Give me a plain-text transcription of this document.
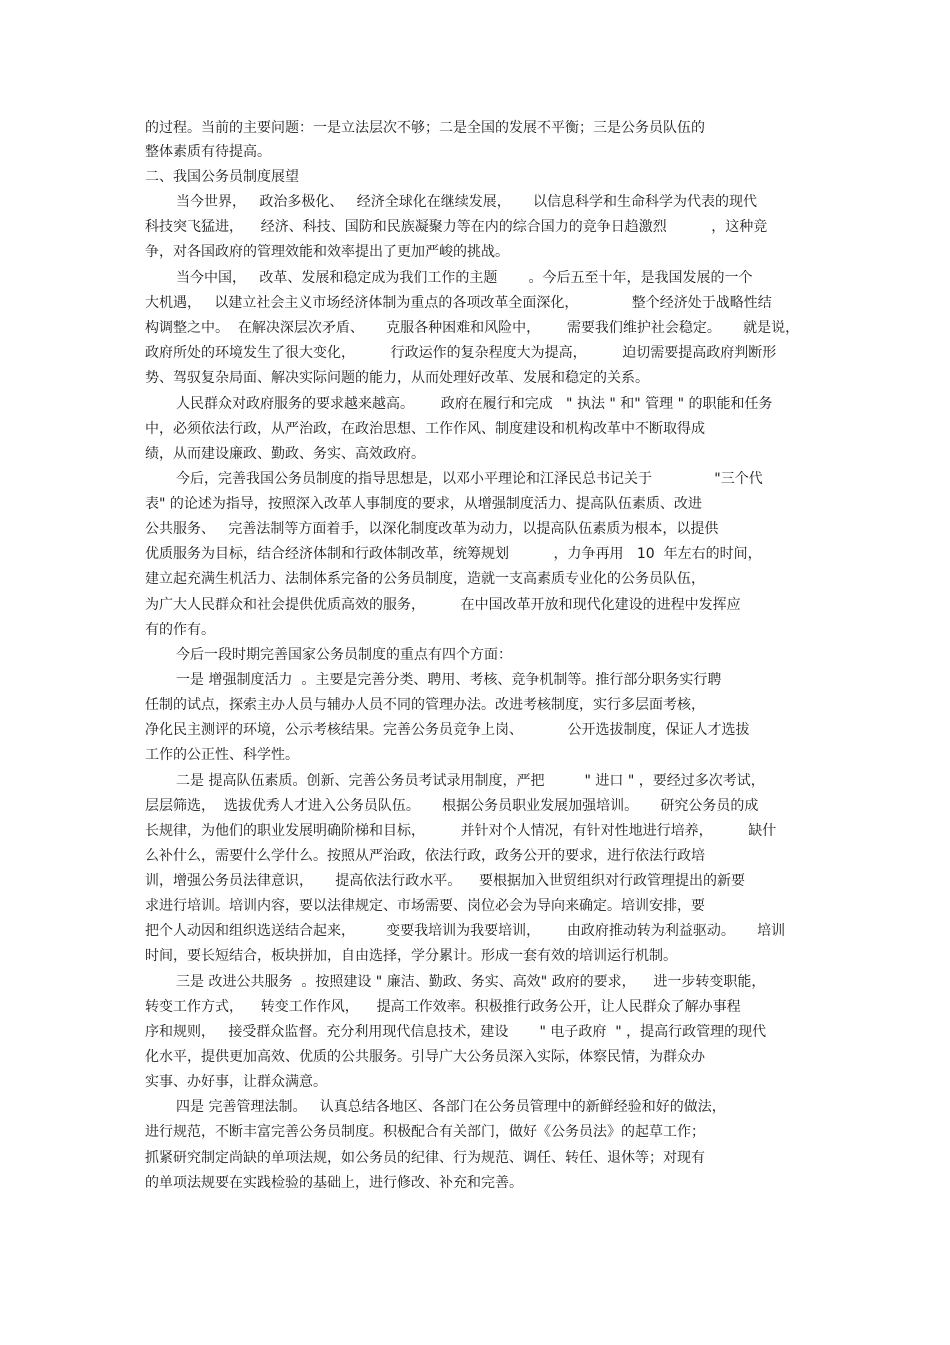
的过程。当前的主要问题：一是立法层次不够；二是全国的发展不平衡；三是公务员队伍的

整体素质有待提高。

二、我国公务员制度展望

当今世界，   政治多极化、   经济全球化在继续发展，     以信息科学和生命科学为代表的现代

科技突飞猛进，    经济、科技、国防和民族凝聚力等在内的综合国力的竞争日趋激烈          ，这种竞

争，对各国政府的管理效能和效率提出了更加严峻的挑战。

当今中国，   改革、发展和稳定成为我们工作的主题       。今后五至十年，是我国发展的一个

大机遇，   以建立社会主义市场经济体制为重点的各项改革全面深化，            整个经济处于战略性结

构调整之中。  在解决深层次矛盾、     克服各种困难和风险中，      需要我们维护社会稳定。     就是说，

政府所处的环境发生了很大变化，        行政运作的复杂程度大为提高，        迫切需要提高政府判断形

势、驾驭复杂局面、解决实际问题的能力，从而处理好改革、发展和稳定的关系。

人民群众对政府服务的要求越来越高。      政府在履行和完成   " 执法 " 和" 管理 " 的职能和任务

中，必须依法行政，从严治政，在政治思想、工作作风、制度建设和机构改革中不断取得成

绩，从而建设廉政、勤政、务实、高效政府。

今后，完善我国公务员制度的指导思想是，以邓小平理论和江泽民总书记关于              "三个代

表" 的论述为指导，按照深入改革人事制度的要求，从增强制度活力、提高队伍素质、改进

公共服务、   完善法制等方面着手，以深化制度改革为动力，以提高队伍素质为根本，以提供

优质服务为目标，结合经济体制和行政体制改革，统筹规划          ，力争再用   10  年左右的时间，

建立起充满生机活力、法制体系完备的公务员制度，造就一支高素质专业化的公务员队伍，

为广大人民群众和社会提供优质高效的服务，        在中国改革开放和现代化建设的进程中发挥应

有的作有。

今后一段时期完善国家公务员制度的重点有四个方面：

一是 增强制度活力  。主要是完善分类、聘用、考核、竞争机制等。推行部分职务实行聘

任制的试点，探索主办人员与辅办人员不同的管理办法。改进考核制度，实行多层面考核，

净化民主测评的环境，公示考核结果。完善公务员竞争上岗、          公开选拔制度，保证人才选拔

工作的公正性、科学性。

二是 提高队伍素质。创新、完善公务员考试录用制度，严把         " 进口 " ，要经过多次考试，

层层筛选，  选拔优秀人才进入公务员队伍。     根据公务员职业发展加强培训。     研究公务员的成

长规律，为他们的职业发展明确阶梯和目标，        并针对个人情况，有针对性地进行培养，        缺什

么补什么，需要什么学什么。按照从严治政，依法行政，政务公开的要求，进行依法行政培

训，增强公务员法律意识，     提高依法行政水平。    要根据加入世贸组织对行政管理提出的新要

求进行培训。培训内容，要以法律规定、市场需要、岗位必会为导向来确定。培训安排，要

把个人动因和组织选送结合起来，       变要我培训为我要培训，      由政府推动转为利益驱动。     培训

时间，要长短结合，板块拼加，自由选择，学分累计。形成一套有效的培训运行机制。

三是 改进公共服务  。按照建设 " 廉洁、勤政、务实、高效" 政府的要求，    进一步转变职能，

转变工作方式，    转变工作作风，    提高工作效率。积极推行政务公开，让人民群众了解办事程

序和规则，   接受群众监督。充分利用现代信息技术，建设       " 电子政府  " ，提高行政管理的现代

化水平，提供更加高效、优质的公共服务。引导广大公务员深入实际，体察民情，为群众办

实事、办好事，让群众满意。

四是 完善管理法制。   认真总结各地区、各部门在公务员管理中的新鲜经验和好的做法，

进行规范，不断丰富完善公务员制度。积极配合有关部门，做好《公务员法》的起草工作；

抓紧研究制定尚缺的单项法规，如公务员的纪律、行为规范、调任、转任、退休等；对现有

的单项法规要在实践检验的基础上，进行修改、补充和完善。
